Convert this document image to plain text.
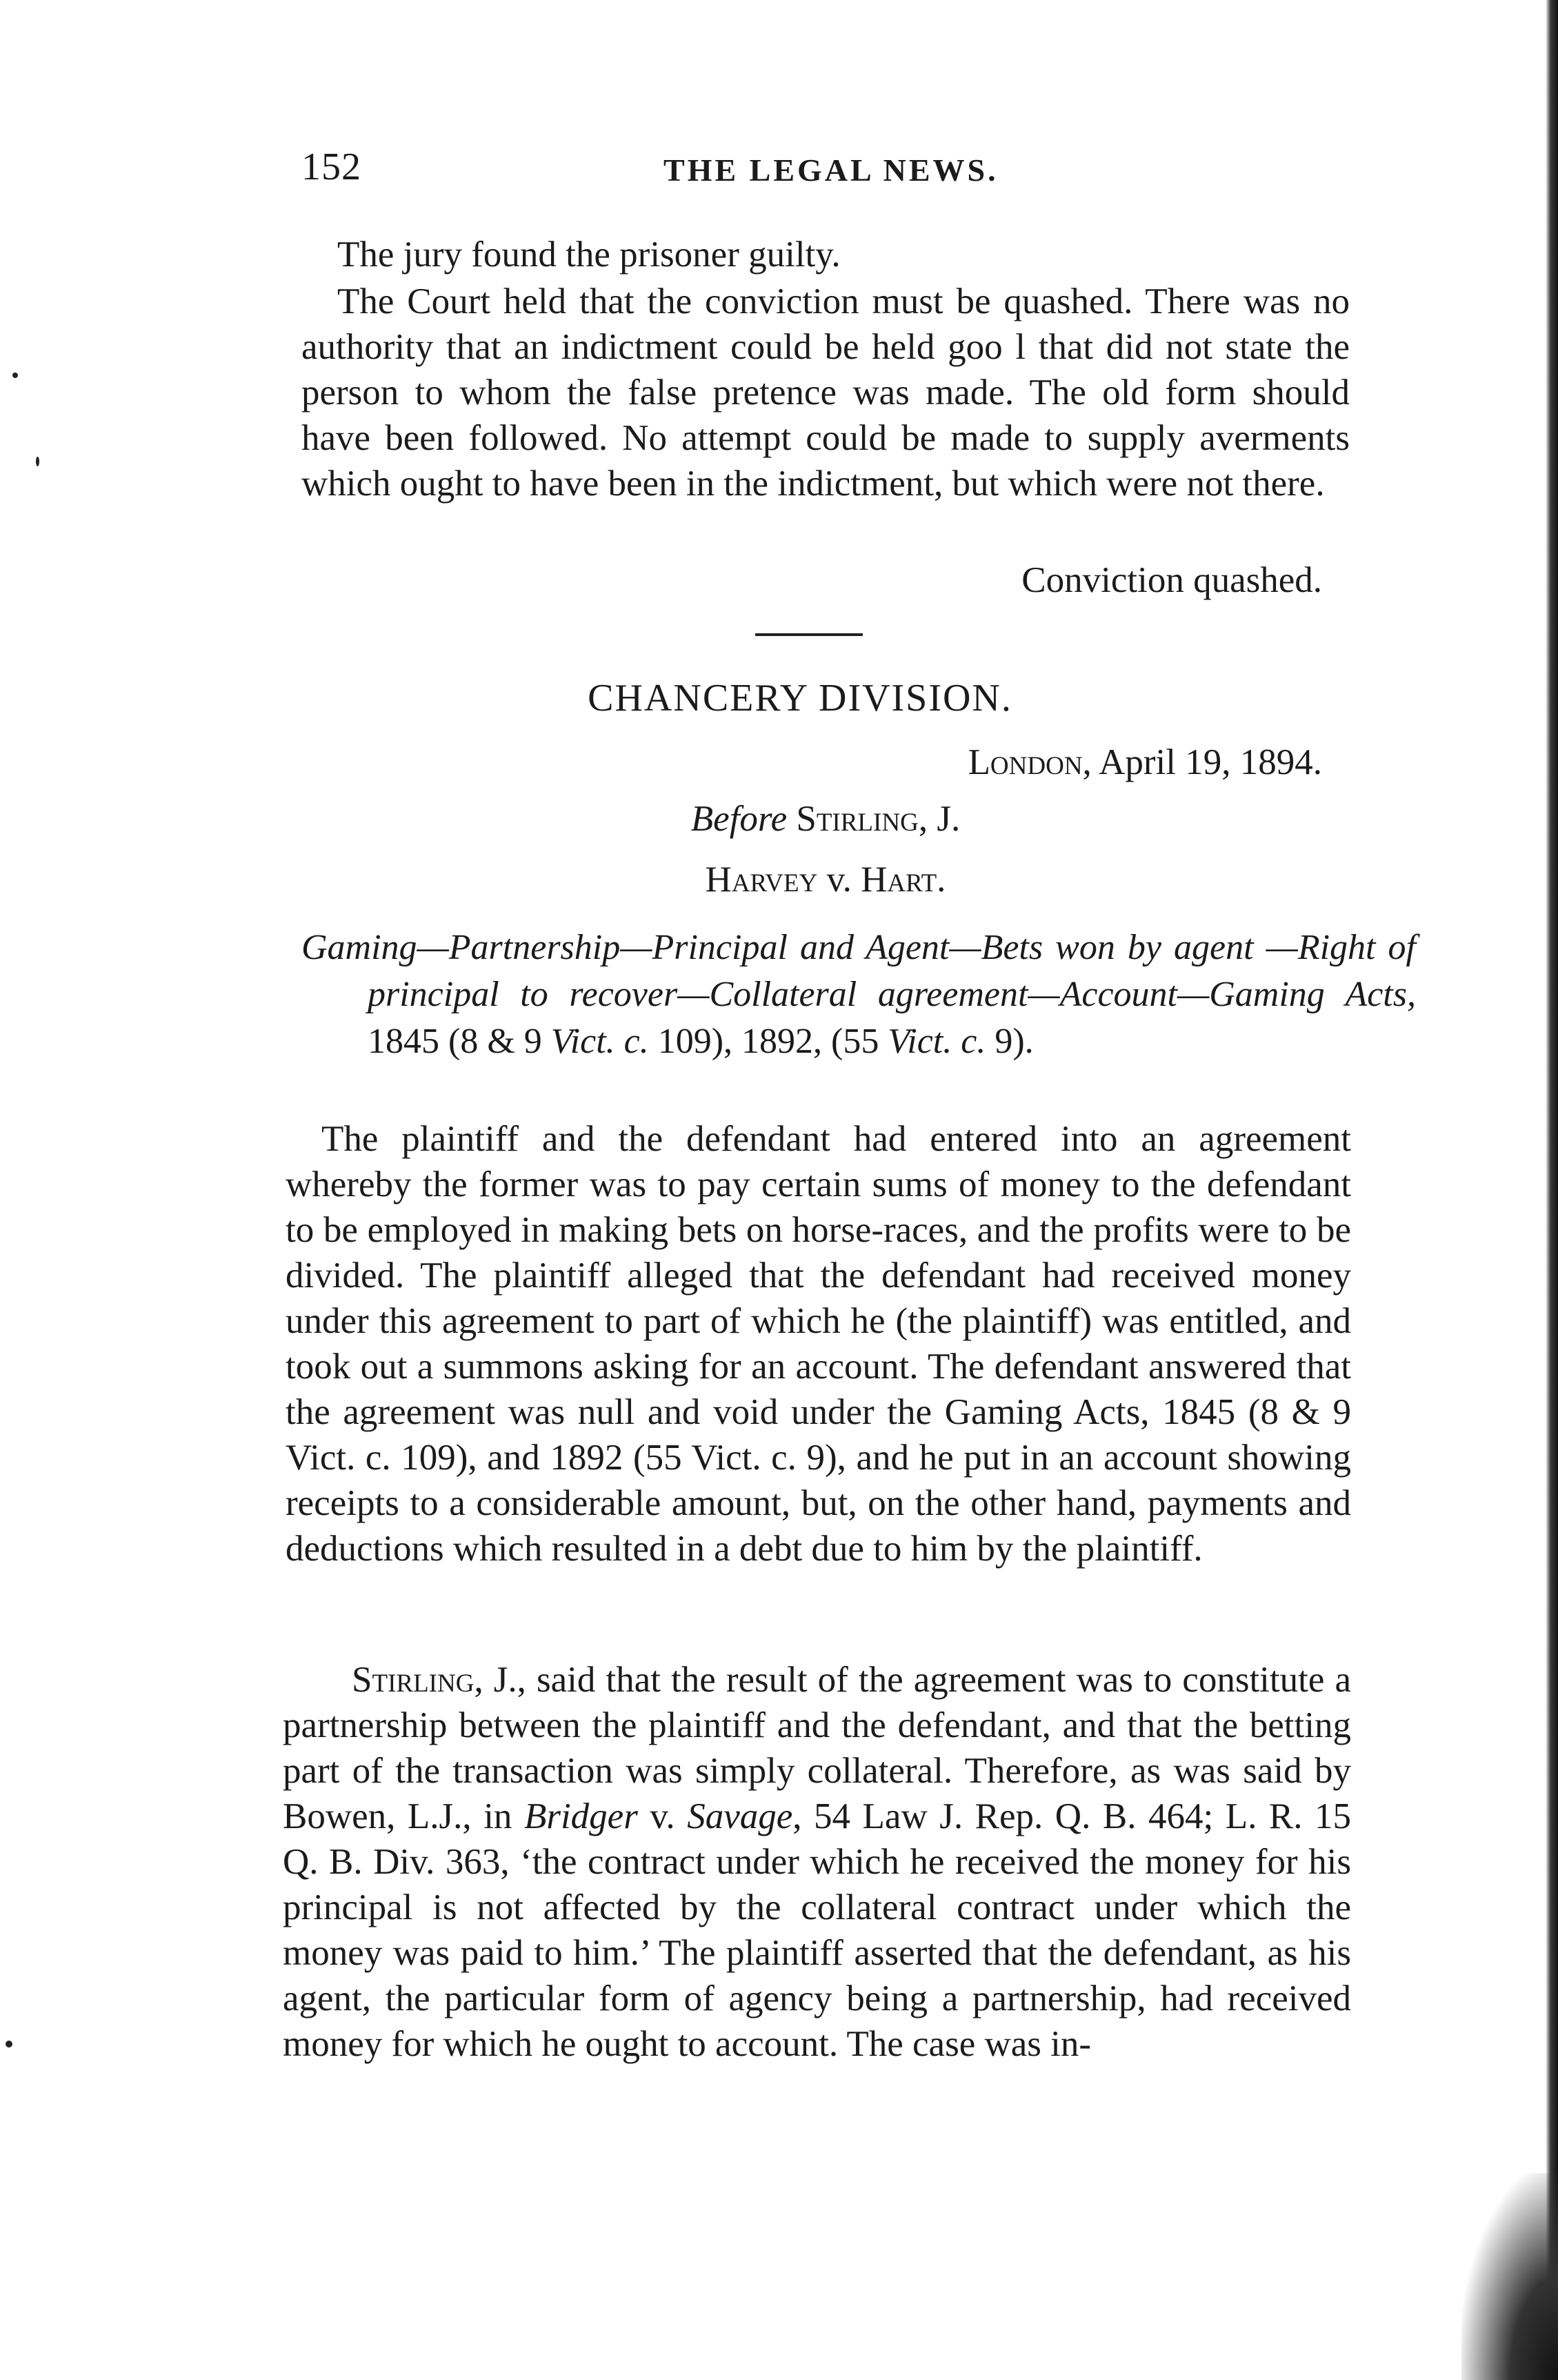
152	THE LEGAL NEWS.

The jury found the prisoner guilty.

The Court held that the conviction must be quashed. There was no authority that an indictment could be held goo l that did not state the person to whom the false pretence was made. The old form should have been followed. No attempt could be made to supply averments which ought to have been in the indictment, but which were not there.

Conviction quashed.

CHANCERY DIVISION.

London, April 19, 1894.

Before Stirling, J.

Harvey v. Hart.

Gaming—Partnership—Principal and Agent—Bets won by agent —Right of principal to recover—Collateral agreement—Account—Gaming Acts, 1845 (8 & 9 Vict. c. 109), 1892, (55 Vict. c. 9).

The plaintiff and the defendant had entered into an agreement whereby the former was to pay certain sums of money to the defendant to be employed in making bets on horse-races, and the profits were to be divided. The plaintiff alleged that the defendant had received money under this agreement to part of which he (the plaintiff) was entitled, and took out a summons asking for an account. The defendant answered that the agreement was null and void under the Gaming Acts, 1845 (8 & 9 Vict. c. 109), and 1892 (55 Vict. c. 9), and he put in an account showing receipts to a considerable amount, but, on the other hand, payments and deductions which resulted in a debt due to him by the plaintiff.

Stirling, J., said that the result of the agreement was to constitute a partnership between the plaintiff and the defendant, and that the betting part of the transaction was simply collateral. Therefore, as was said by Bowen, L.J., in Bridger v. Savage, 54 Law J. Rep. Q. B. 464; L. R. 15 Q. B. Div. 363, ‘the contract under which he received the money for his principal is not affected by the collateral contract under which the money was paid to him.’ The plaintiff asserted that the defendant, as his agent, the particular form of agency being a partnership, had received money for which he ought to account. The case was in-
